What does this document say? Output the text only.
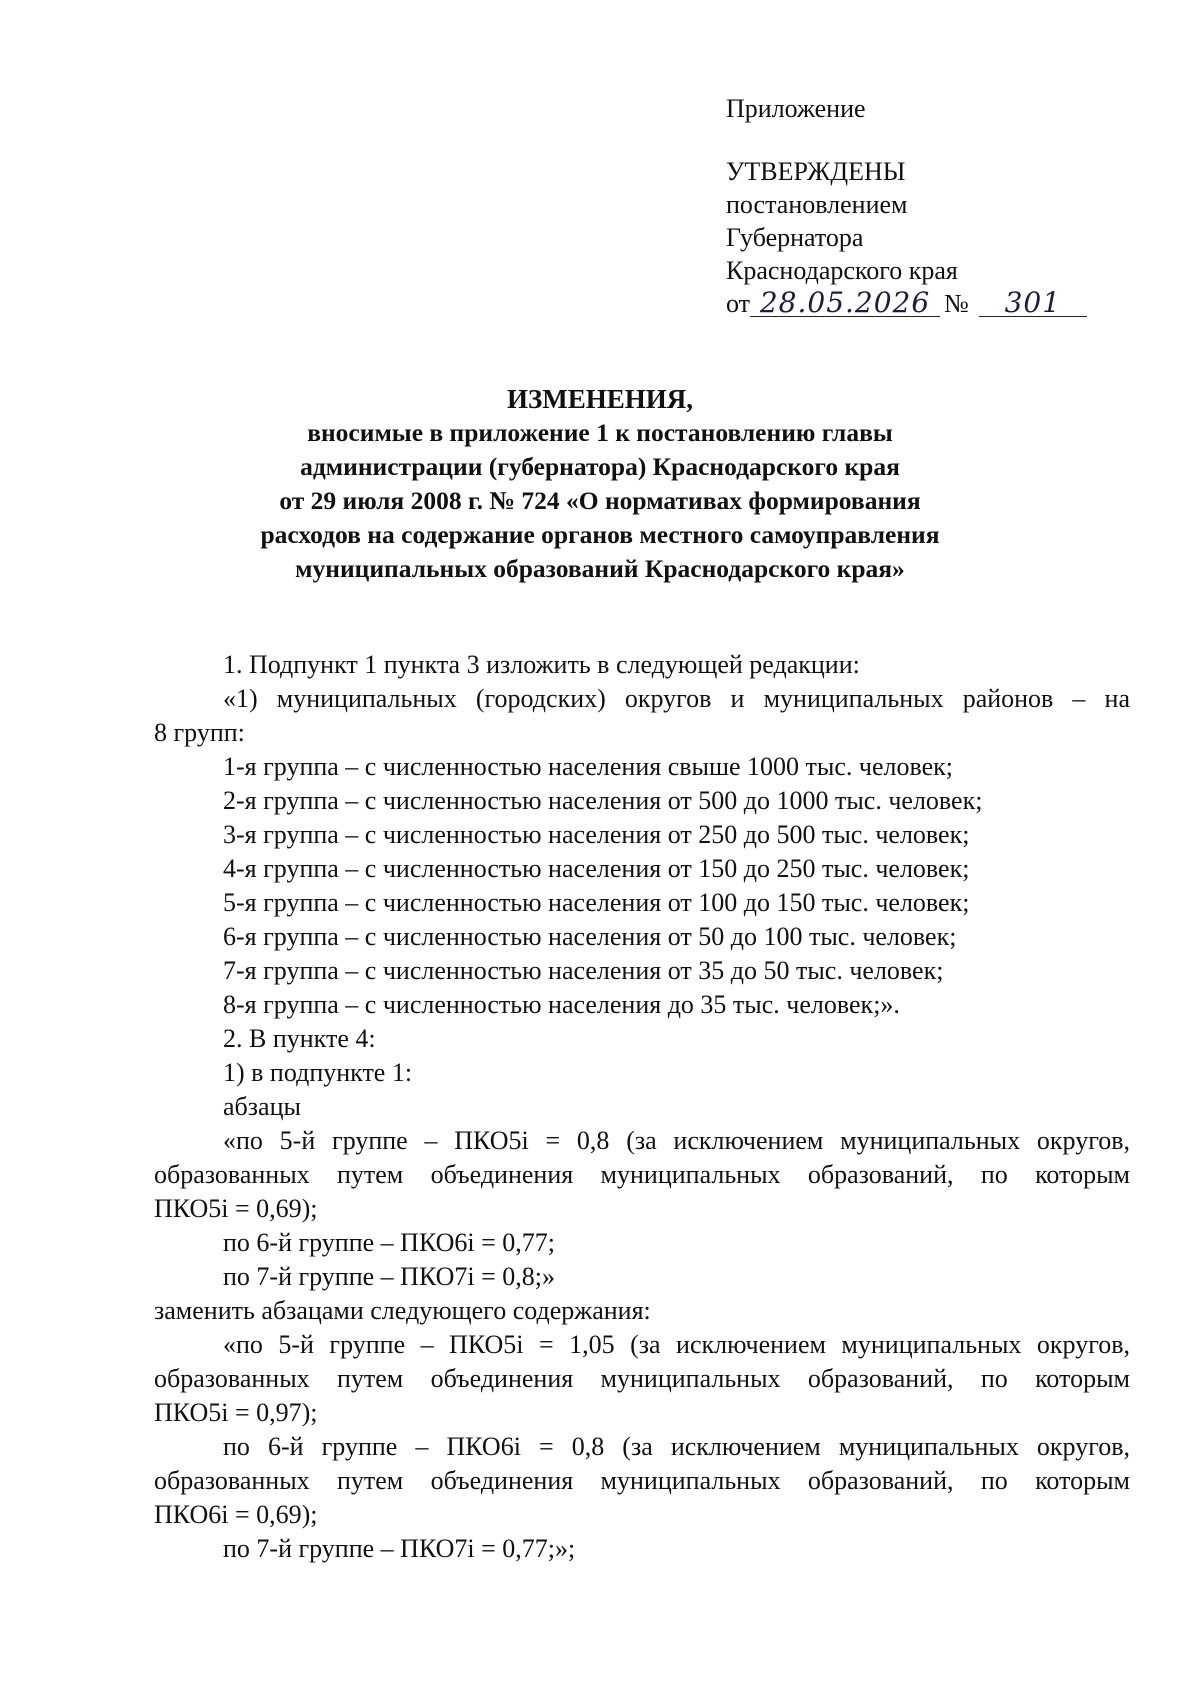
Приложение
УТВЕРЖДЕНЫ
постановлением
Губернатора
Краснодарского края
от 28.05.2026 №	301
ИЗМЕНЕНИЯ,
вносимые в приложение 1 к постановлению главы
администрации (губернатора) Краснодарского края
от 29 июля 2008 г. № 724 «О нормативах формирования
расходов на содержание органов местного самоуправления
муниципальных образований Краснодарского края»
1. Подпункт 1 пункта 3 изложить в следующей редакции:
«1) муниципальных (городских) округов и муниципальных районов – на
8 групп:
1-я группа – с численностью населения свыше 1000 тыс. человек;
2-я группа – с численностью населения от 500 до 1000 тыс. человек;
3-я группа – с численностью населения от 250 до 500 тыс. человек;
4-я группа – с численностью населения от 150 до 250 тыс. человек;
5-я группа – с численностью населения от 100 до 150 тыс. человек;
6-я группа – с численностью населения от 50 до 100 тыс. человек;
7-я группа – с численностью населения от 35 до 50 тыс. человек;
8-я группа – с численностью населения до 35 тыс. человек;».
2. В пункте 4:
1) в подпункте 1:
абзацы
«по 5-й группе – ПКО5i = 0,8 (за исключением муниципальных округов,
образованных путем объединения муниципальных образований, по которым
ПКО5i = 0,69);
по 6-й группе – ПКО6i = 0,77;
по 7-й группе – ПКО7i = 0,8;»
заменить абзацами следующего содержания:
«по 5-й группе – ПКО5i = 1,05 (за исключением муниципальных округов,
образованных путем объединения муниципальных образований, по которым
ПКО5i = 0,97);
по 6-й группе – ПКО6i = 0,8 (за исключением муниципальных округов,
образованных путем объединения муниципальных образований, по которым
ПКО6i = 0,69);
по 7-й группе – ПКО7i = 0,77;»;
